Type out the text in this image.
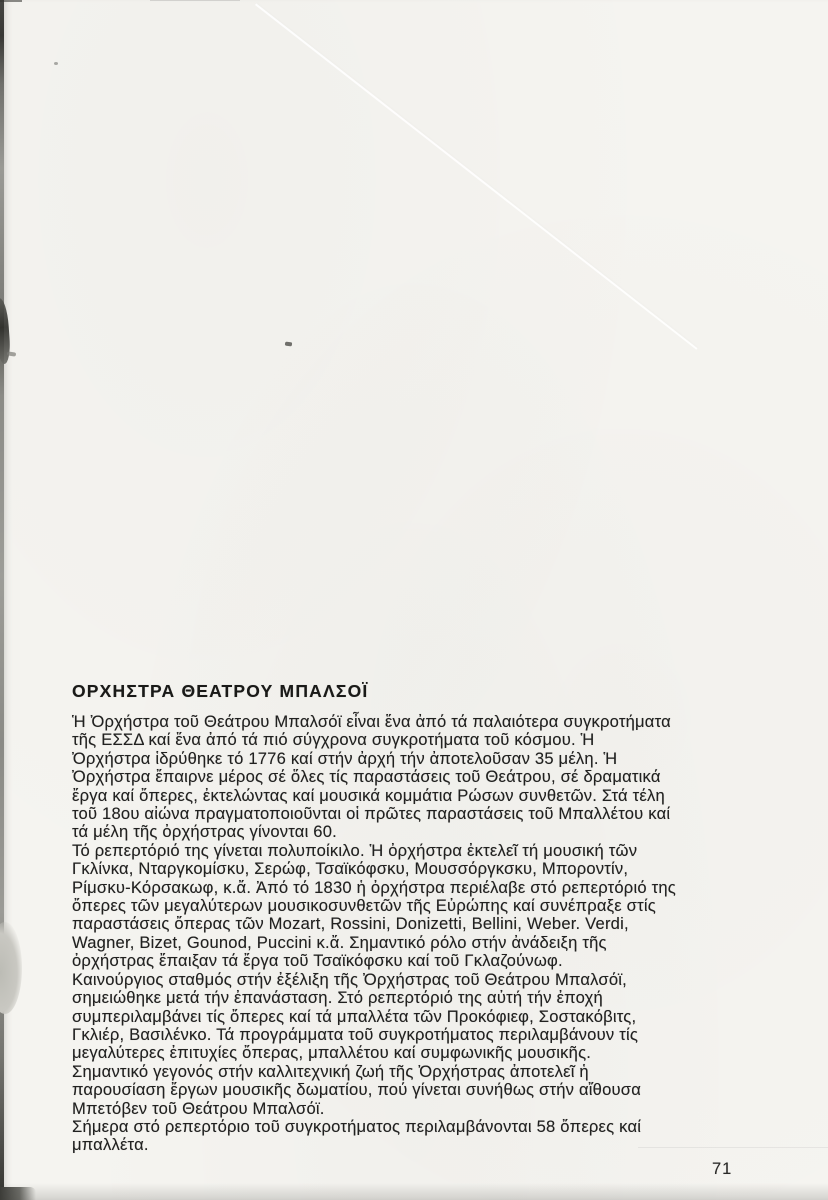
ΟΡΧΗΣΤΡΑ ΘΕΑΤΡΟΥ ΜΠΑΛΣΟΪ
Ἡ Ὀρχήστρα τοῦ Θεάτρου Μπαλσόϊ εἶναι ἕνα ἀπό τά παλαιότερα συγκροτήματα
τῆς ΕΣΣΔ καί ἕνα ἀπό τά πιό σύγχρονα συγκροτήματα τοῦ κόσμου. Ἡ
Ὀρχήστρα ἱδρύθηκε τό 1776 καί στήν ἀρχή τήν ἀποτελοῦσαν 35 μέλη. Ἡ
Ὀρχήστρα ἔπαιρνε μέρος σέ ὅλες τίς παραστάσεις τοῦ Θεάτρου, σέ δραματικά
ἔργα καί ὄπερες, ἐκτελώντας καί μουσικά κομμάτια Ρώσων συνθετῶν. Στά τέλη
τοῦ 18ου αἰώνα πραγματοποιοῦνται οἱ πρῶτες παραστάσεις τοῦ Μπαλλέτου καί
τά μέλη τῆς ὀρχήστρας γίνονται 60.
Τό ρεπερτόριό της γίνεται πολυποίκιλο. Ἡ ὀρχήστρα ἐκτελεῖ τή μουσική τῶν
Γκλίνκα, Νταργκομίσκυ, Σερώφ, Τσαϊκόφσκυ, Μουσσόργκσκυ, Μποροντίν,
Ρίμσκυ-Κόρσακωφ, κ.ἄ. Ἀπό τό 1830 ἡ ὀρχήστρα περιέλαβε στό ρεπερτόριό της
ὄπερες τῶν μεγαλύτερων μουσικοσυνθετῶν τῆς Εὐρώπης καί συνέπραξε στίς
παραστάσεις ὄπερας τῶν Mozart, Rossini, Donizetti, Bellini, Weber. Verdi,
Wagner, Bizet, Gounod, Puccini κ.ἄ. Σημαντικό ρόλο στήν ἀνάδειξη τῆς
ὀρχήστρας ἔπαιξαν τά ἔργα τοῦ Τσαϊκόφσκυ καί τοῦ Γκλαζούνωφ.
Καινούργιος σταθμός στήν ἐξέλιξη τῆς Ὀρχήστρας τοῦ Θεάτρου Μπαλσόϊ,
σημειώθηκε μετά τήν ἐπανάσταση. Στό ρεπερτόριό της αὐτή τήν ἐποχή
συμπεριλαμβάνει τίς ὄπερες καί τά μπαλλέτα τῶν Προκόφιεφ, Σοστακόβιτς,
Γκλιέρ, Βασιλένκο. Τά προγράμματα τοῦ συγκροτήματος περιλαμβάνουν τίς
μεγαλύτερες ἐπιτυχίες ὄπερας, μπαλλέτου καί συμφωνικῆς μουσικῆς.
Σημαντικό γεγονός στήν καλλιτεχνική ζωή τῆς Ὀρχήστρας ἀποτελεῖ ἡ
παρουσίαση ἔργων μουσικῆς δωματίου, πού γίνεται συνήθως στήν αἴθουσα
Μπετόβεν τοῦ Θεάτρου Μπαλσόϊ.
Σήμερα στό ρεπερτόριο τοῦ συγκροτήματος περιλαμβάνονται 58 ὄπερες καί
μπαλλέτα.
71
